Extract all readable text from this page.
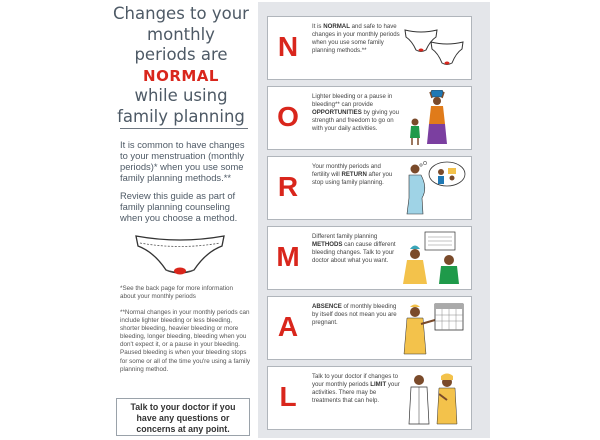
Changes to your
monthly
periods are
NORMAL
while using
family planning
It is common to have changes to your menstruation (monthly periods)* when you use some family planning methods.**
Review this guide as part of family planning counseling when you choose a method.
*See the back page for more information about your monthly periods
**Normal changes in your monthly periods can include lighter bleeding or less bleeding, shorter bleeding, heavier bleeding or more bleeding, longer bleeding, bleeding when you don't expect it, or a pause in your bleeding. Paused bleeding is when your bleeding stops for some or all of the time you're using a family planning method.
Talk to your doctor if you have any questions or concerns at any point.
N
It is NORMAL and safe to have changes in your monthly periods when you use some family planning methods.**
O
Lighter bleeding or a pause in bleeding** can provide OPPORTUNITIES by giving you strength and freedom to go on with your daily activities.
R
Your monthly periods and fertility will RETURN after you stop using family planning.
M
Different family planning METHODS can cause different bleeding changes. Talk to your doctor about what you want.
A
ABSENCE of monthly bleeding by itself does not mean you are pregnant.
L
Talk to your doctor if changes to your monthly periods LIMIT your activities. There may be treatments that can help.
